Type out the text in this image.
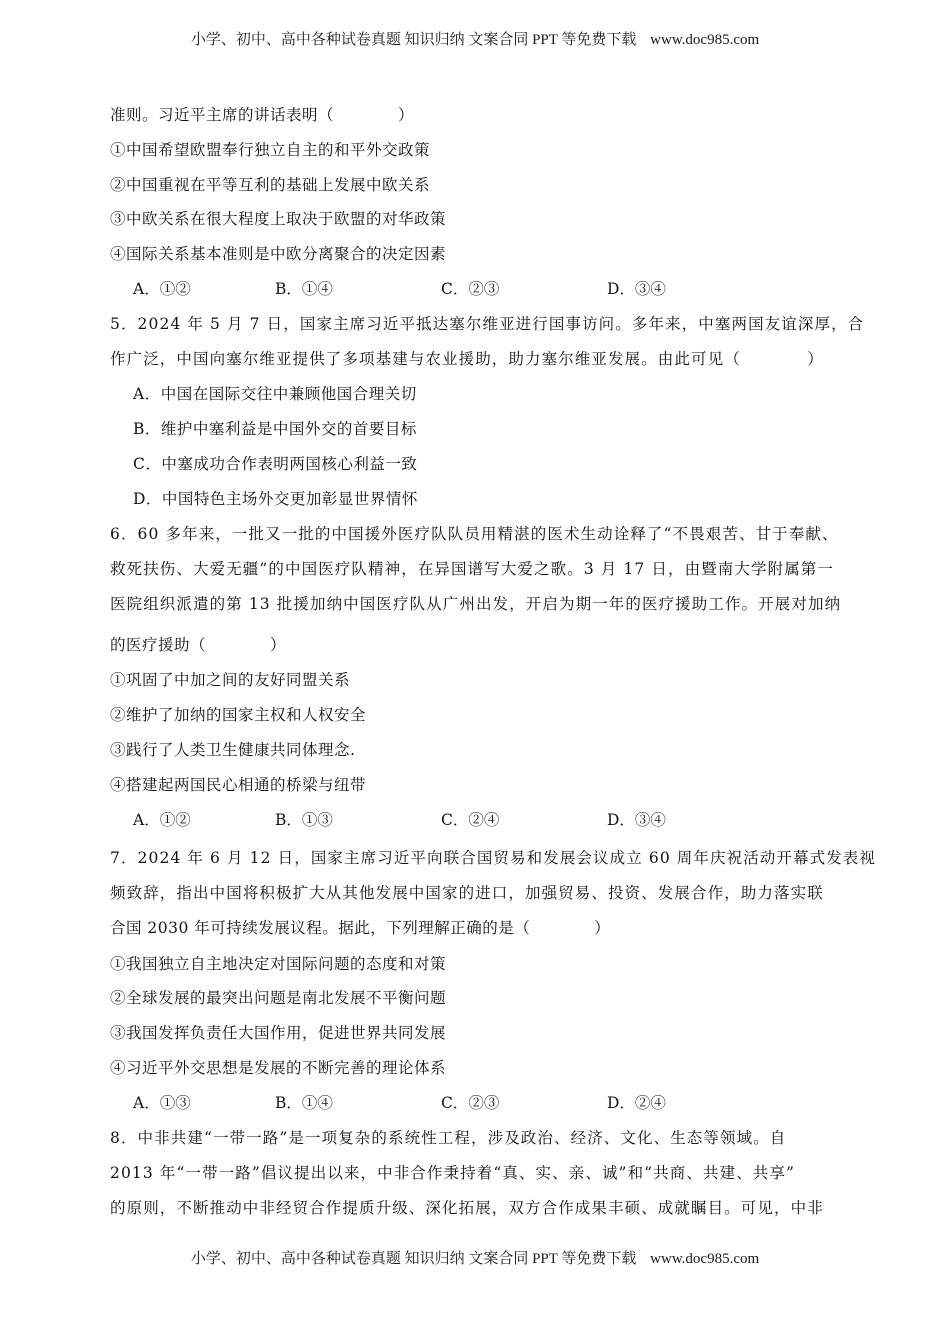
小学、初中、高中各种试卷真题 知识归纳 文案合同 PPT 等免费下载 www.doc985.com
准则。习近平主席的讲话表明（　　　　）
①中国希望欧盟奉行独立自主的和平外交政策
②中国重视在平等互利的基础上发展中欧关系
③中欧关系在很大程度上取决于欧盟的对华政策
④国际关系基本准则是中欧分离聚合的决定因素
A．①②	B．①④	C．②③	D．③④
5．2024 年 5 月 7 日，国家主席习近平抵达塞尔维亚进行国事访问。多年来，中塞两国友谊深厚，合
作广泛，中国向塞尔维亚提供了多项基建与农业援助，助力塞尔维亚发展。由此可见（　　　　）
A．中国在国际交往中兼顾他国合理关切
B．维护中塞利益是中国外交的首要目标
C．中塞成功合作表明两国核心利益一致
D．中国特色主场外交更加彰显世界情怀
6．60 多年来，一批又一批的中国援外医疗队队员用精湛的医术生动诠释了“不畏艰苦、甘于奉献、
救死扶伤、大爱无疆”的中国医疗队精神，在异国谱写大爱之歌。3 月 17 日，由暨南大学附属第一
医院组织派遣的第 13 批援加纳中国医疗队从广州出发，开启为期一年的医疗援助工作。开展对加纳
的医疗援助（　　　　）
①巩固了中加之间的友好同盟关系
②维护了加纳的国家主权和人权安全
③践行了人类卫生健康共同体理念.
④搭建起两国民心相通的桥梁与纽带
A．①②	B．①③	C．②④	D．③④
7．2024 年 6 月 12 日，国家主席习近平向联合国贸易和发展会议成立 60 周年庆祝活动开幕式发表视
频致辞，指出中国将积极扩大从其他发展中国家的进口，加强贸易、投资、发展合作，助力落实联
合国 2030 年可持续发展议程。据此，下列理解正确的是（　　　　）
①我国独立自主地决定对国际问题的态度和对策
②全球发展的最突出问题是南北发展不平衡问题
③我国发挥负责任大国作用，促进世界共同发展
④习近平外交思想是发展的不断完善的理论体系
A．①③	B．①④	C．②③	D．②④
8．中非共建“一带一路”是一项复杂的系统性工程，涉及政治、经济、文化、生态等领域。自
2013 年“一带一路”倡议提出以来，中非合作秉持着“真、实、亲、诚”和“共商、共建、共享”
的原则，不断推动中非经贸合作提质升级、深化拓展，双方合作成果丰硕、成就瞩目。可见，中非
小学、初中、高中各种试卷真题 知识归纳 文案合同 PPT 等免费下载 www.doc985.com
